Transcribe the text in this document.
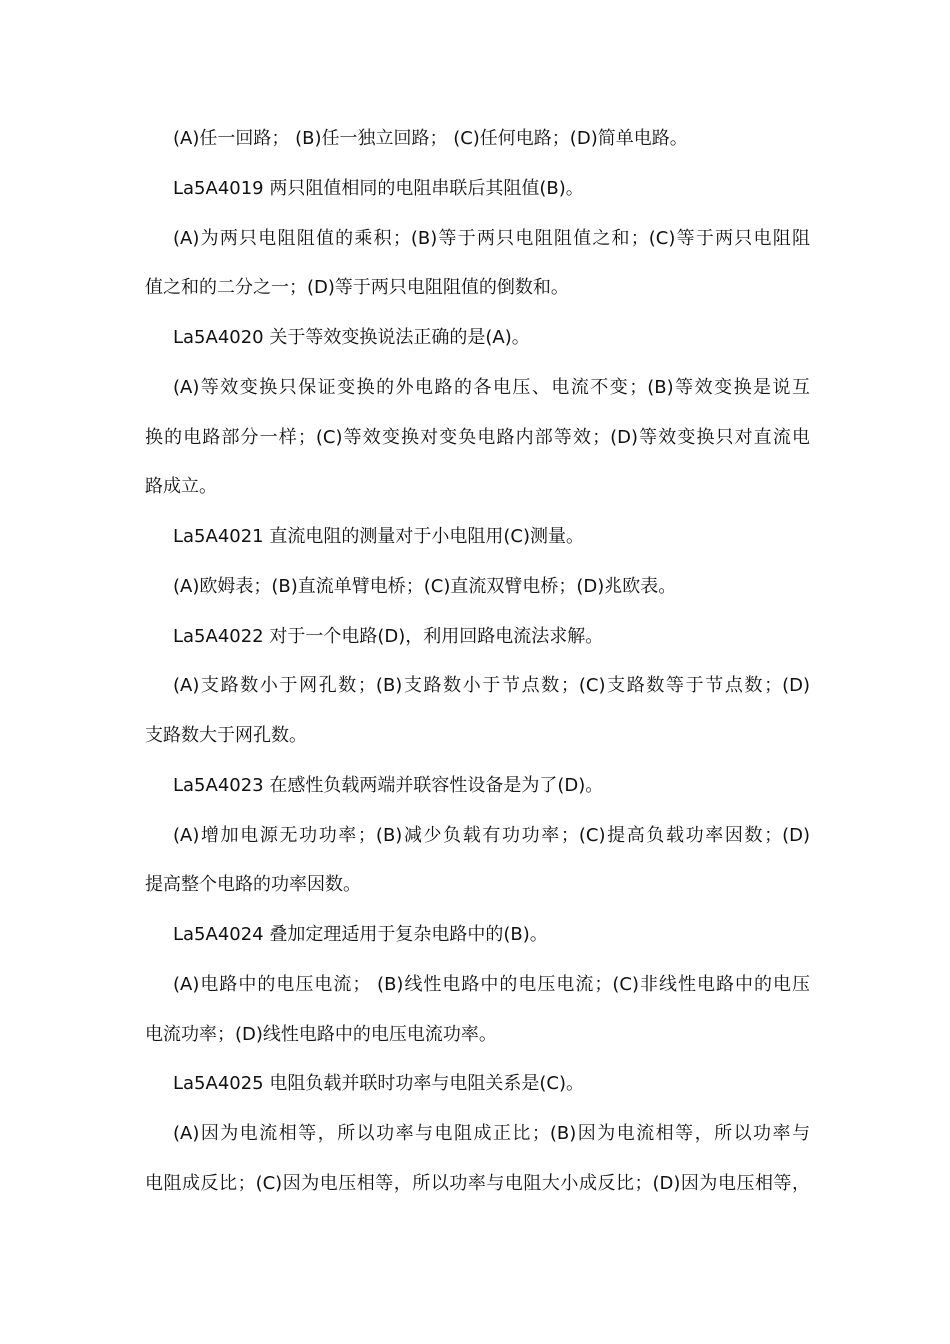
(A)任一回路； (B)任一独立回路； (C)任何电路；(D)简单电路。
La5A4019 两只阻值相同的电阻串联后其阻值(B)。
(A)为两只电阻阻值的乘积；(B)等于两只电阻阻值之和；(C)等于两只电阻阻
值之和的二分之一；(D)等于两只电阻阻值的倒数和。
La5A4020 关于等效变换说法正确的是(A)。
(A)等效变换只保证变换的外电路的各电压、电流不变；(B)等效变换是说互
换的电路部分一样；(C)等效变换对变奂电路内部等效；(D)等效变换只对直流电
路成立。
La5A4021 直流电阻的测量对于小电阻用(C)测量。
(A)欧姆表；(B)直流单臂电桥；(C)直流双臂电桥；(D)兆欧表。
La5A4022 对于一个电路(D)，利用回路电流法求解。
(A)支路数小于网孔数；(B)支路数小于节点数；(C)支路数等于节点数；(D)
支路数大于网孔数。
La5A4023 在感性负载两端并联容性设备是为了(D)。
(A)增加电源无功功率；(B)减少负载有功功率；(C)提高负载功率因数；(D)
提高整个电路的功率因数。
La5A4024 叠加定理适用于复杂电路中的(B)。
(A)电路中的电压电流； (B)线性电路中的电压电流；(C)非线性电路中的电压
电流功率；(D)线性电路中的电压电流功率。
La5A4025 电阻负载并联时功率与电阻关系是(C)。
(A)因为电流相等，所以功率与电阻成正比；(B)因为电流相等，所以功率与
电阻成反比；(C)因为电压相等，所以功率与电阻大小成反比；(D)因为电压相等，
